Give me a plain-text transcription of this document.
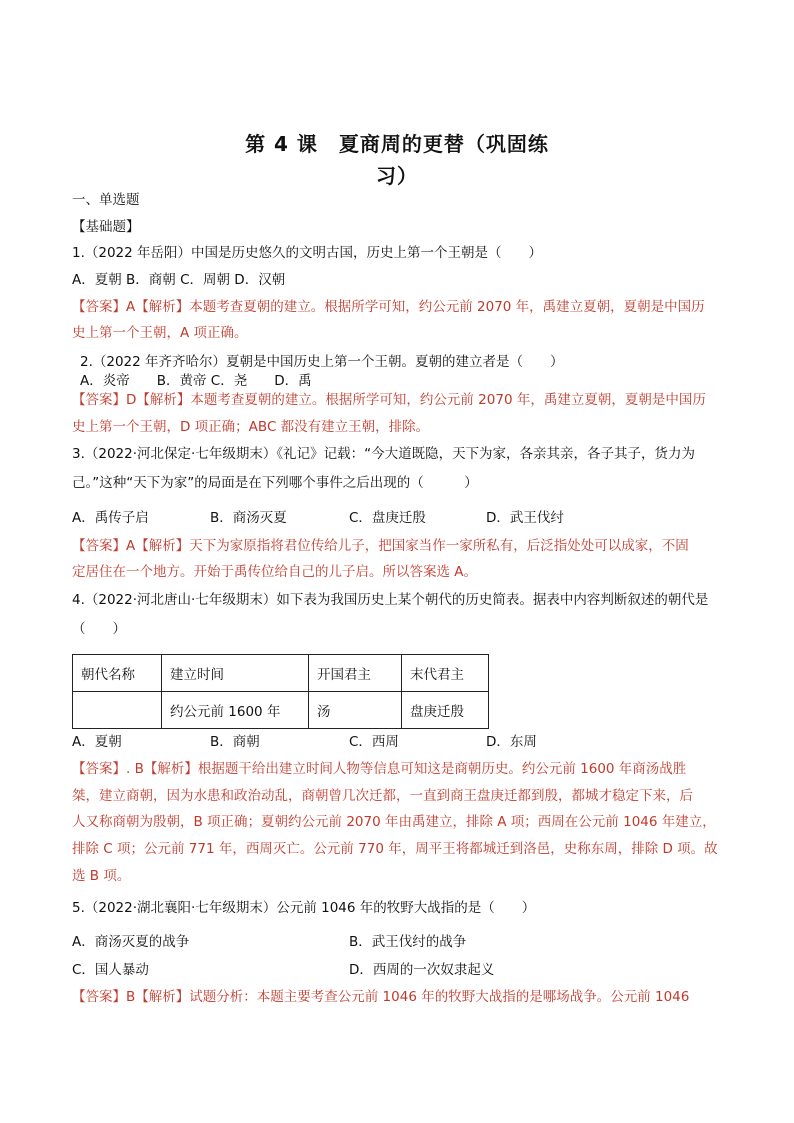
第 4 课　夏商周的更替（巩固练
习）
一、单选题
【基础题】
1.（2022 年岳阳）中国是历史悠久的文明古国，历史上第一个王朝是（　　）
A．夏朝 B．商朝 C．周朝 D．汉朝
【答案】A【解析】本题考查夏朝的建立。根据所学可知，约公元前 2070 年，禹建立夏朝，夏朝是中国历
史上第一个王朝，A 项正确。
2.（2022 年齐齐哈尔）夏朝是中国历史上第一个王朝。夏朝的建立者是（　　）
A．炎帝　　B．黄帝 C．尧　　D．禹
【答案】D【解析】本题考查夏朝的建立。根据所学可知，约公元前 2070 年，禹建立夏朝，夏朝是中国历
史上第一个王朝，D 项正确；ABC 都没有建立王朝，排除。
3.（2022·河北保定·七年级期末）《礼记》记载：“今大道既隐，天下为家，各亲其亲，各子其子，货力为
己。”这种“天下为家”的局面是在下列哪个事件之后出现的（　　　）
A．禹传子启	B．商汤灭夏	C．盘庚迁殷	D．武王伐纣
【答案】A【解析】天下为家原指将君位传给儿子，把国家当作一家所私有，后泛指处处可以成家，不固
定居住在一个地方。开始于禹传位给自己的儿子启。所以答案选 A。
4.（2022·河北唐山·七年级期末）如下表为我国历史上某个朝代的历史简表。据表中内容判断叙述的朝代是
（　　）
朝代名称	建立时间	开国君主	末代君主
	约公元前 1600 年	汤	盘庚迁殷
A．夏朝	B．商朝	C．西周	D．东周
【答案】. B【解析】根据题干给出建立时间人物等信息可知这是商朝历史。约公元前 1600 年商汤战胜
桀，建立商朝，因为水患和政治动乱，商朝曾几次迁都，一直到商王盘庚迁都到殷，都城才稳定下来，后
人又称商朝为殷朝，B 项正确；夏朝约公元前 2070 年由禹建立，排除 A 项；西周在公元前 1046 年建立，
排除 C 项；公元前 771 年，西周灭亡。公元前 770 年，周平王将都城迁到洛邑，史称东周，排除 D 项。故
选 B 项。
5.（2022·湖北襄阳·七年级期末）公元前 1046 年的牧野大战指的是（　　）
A．商汤灭夏的战争	B．武王伐纣的战争
C．国人暴动	D．西周的一次奴隶起义
【答案】B【解析】试题分析：本题主要考查公元前 1046 年的牧野大战指的是哪场战争。公元前 1046
